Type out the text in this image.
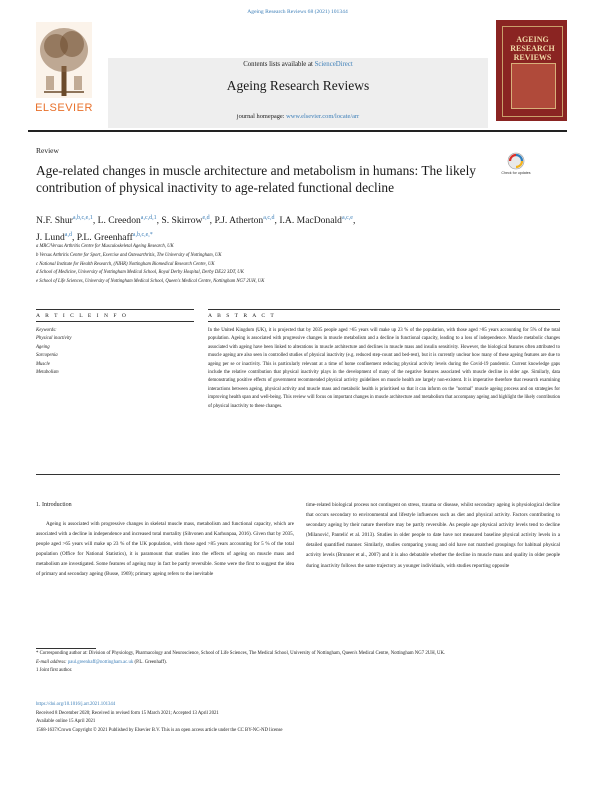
Ageing Research Reviews 68 (2021) 101344
ELSEVIER
Contents lists available at ScienceDirect
Ageing Research Reviews
journal homepage: www.elsevier.com/locate/arr
AGEING RESEARCH REVIEWS
Review
Age-related changes in muscle architecture and metabolism in humans: The likely contribution of physical inactivity to age-related functional decline
Check for updates
N.F. Shur$^{a,b,c,e,1}$, L. Creedon$^{a,c,d,1}$, S. Skirrow$^{e,d}$, P.J. Atherton$^{a,c,d}$, I.A. MacDonald$^{a,c,e}$,
J. Lund$^{a,d}$, P.L. Greenhaff$^{a,b,c,e,*}$
a MRC/Versus Arthritis Centre for Musculoskeletal Ageing Research, UK
b Versus Arthritis Centre for Sport, Exercise and Osteoarthritis, The University of Nottingham, UK
c National Institute for Health Research, (NIHR) Nottingham Biomedical Research Centre, UK
d School of Medicine, University of Nottingham Medical School, Royal Derby Hospital, Derby DE22 3DT, UK
e School of Life Sciences, University of Nottingham Medical School, Queen's Medical Centre, Nottingham NG7 2UH, UK
A R T I C L E I N F O	A B S T R A C T
Keywords:
Physical inactivity
Ageing
Sarcopenia
Muscle
Metabolism
In the United Kingdom (UK), it is projected that by 2035 people aged >65 years will make up 23 % of the population, with those aged >85 years accounting for 5% of the total population. Ageing is associated with progressive changes in muscle metabolism and a decline in functional capacity, leading to a loss of independence. Muscle metabolic changes associated with ageing have been linked to alterations in muscle architecture and declines in muscle mass and insulin sensitivity. However, the biological features often attributed to muscle ageing are also seen in controlled studies of physical inactivity (e.g. reduced step-count and bed-rest), but it is currently unclear how many of these ageing features are due to ageing per se or inactivity. This is particularly relevant at a time of home confinement reducing physical activity levels during the Covid-19 pandemic. Current knowledge gaps include the relative contribution that physical inactivity plays in the development of many of the negative features associated with muscle decline in older age. Similarly, data demonstrating positive effects of government recommended physical activity guidelines on muscle health are largely non-existent. It is imperative therefore that research examining interactions between ageing, physical activity and muscle mass and metabolic health is prioritised so that it can inform on the "normal" muscle ageing process and on strategies for improving health span and well-being. This review will focus on important changes in muscle architecture and metabolism that accompany ageing and highlight the likely contribution of physical inactivity to these changes.
1. Introduction
Ageing is associated with progressive changes in skeletal muscle mass, metabolism and functional capacity, which are associated with a decline in independence and increased total mortality (Sihvonen and Karhunpaa, 2016). Given that by 2035, people aged >65 years will make up 23 % of the UK population, with those aged >85 years accounting for 5 % of the total population (Office for National Statistics), it is paramount that studies into the effects of ageing on muscle mass and metabolism are investigated. Some features of ageing may in fact be partly reversible. Some were the first to suggest the idea of primary and secondary ageing (Busse, 1969); primary ageing refers to the inevitable
time-related biological process not contingent on stress, trauma or disease, whilst secondary ageing is physiological decline that occurs secondary to environmental and lifestyle influences such as diet and physical activity. Factors contributing to secondary ageing by their nature therefore may be partly reversible. As people age physical activity levels tend to decline (Milanović, Pantelić et al. 2013). Studies in older people to date have not measured baseline physical activity levels in a detailed quantified manner. Similarly, studies comparing young and old have not matched groupings for habitual physical activity levels (Brunner et al., 2007) and it is also debatable whether the decline in muscle mass and quality in older people during inactivity follows the same trajectory as younger individuals, with studies reporting opposite
* Corresponding author at: Division of Physiology, Pharmacology and Neuroscience, School of Life Sciences, The Medical School, University of Nottingham, Queen's Medical Centre, Nottingham NG7 2UH, UK.
E-mail address: paul.greenhaff@nottingham.ac.uk (P.L. Greenhaff).
1 Joint first author.
https://doi.org/10.1016/j.arr.2021.101344
Received 8 December 2020; Received in revised form 15 March 2021; Accepted 13 April 2021
Available online 15 April 2021
1568-1637/Crown Copyright © 2021 Published by Elsevier B.V. This is an open access article under the CC BY-NC-ND license
